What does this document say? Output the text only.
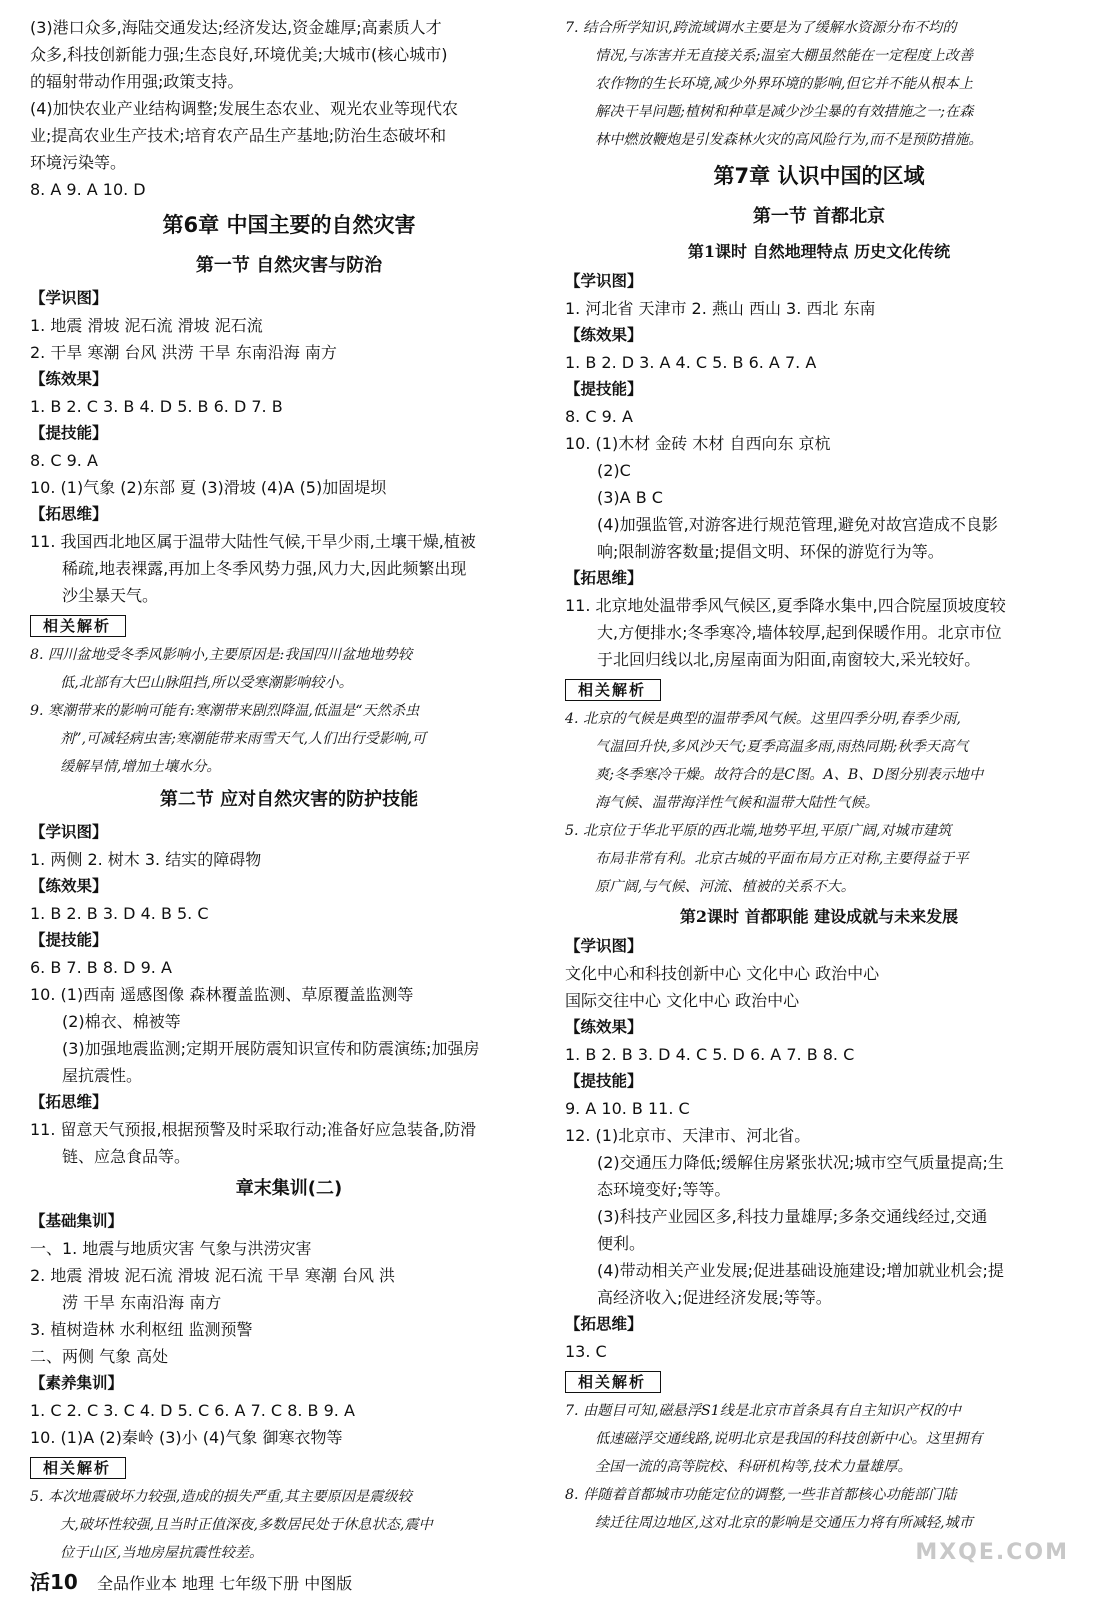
(3)港口众多,海陆交通发达;经济发达,资金雄厚;高素质人才

众多,科技创新能力强;生态良好,环境优美;大城市(核心城市)

的辐射带动作用强;政策支持。

(4)加快农业产业结构调整;发展生态农业、观光农业等现代农

业;提高农业生产技术;培育农产品生产基地;防治生态破坏和

环境污染等。

8. A 9. A 10. D

第6章 中国主要的自然灾害

第一节 自然灾害与防治

【学识图】

1. 地震 滑坡 泥石流 滑坡 泥石流

2. 干旱 寒潮 台风 洪涝 干旱 东南沿海 南方

【练效果】

1. B 2. C 3. B 4. D 5. B 6. D 7. B

【提技能】

8. C 9. A

10. (1)气象 (2)东部 夏 (3)滑坡 (4)A (5)加固堤坝

【拓思维】

11. 我国西北地区属于温带大陆性气候,干旱少雨,土壤干燥,植被

稀疏,地表裸露,再加上冬季风势力强,风力大,因此频繁出现

沙尘暴天气。

相关解析

8. 四川盆地受冬季风影响小,主要原因是:我国四川盆地地势较

低,北部有大巴山脉阻挡,所以受寒潮影响较小。

9. 寒潮带来的影响可能有:寒潮带来剧烈降温,低温是“天然杀虫

剂”,可减轻病虫害;寒潮能带来雨雪天气,人们出行受影响,可

缓解旱情,增加土壤水分。

第二节 应对自然灾害的防护技能

【学识图】

1. 两侧 2. 树木 3. 结实的障碍物

【练效果】

1. B 2. B 3. D 4. B 5. C

【提技能】

6. B 7. B 8. D 9. A

10. (1)西南 遥感图像 森林覆盖监测、草原覆盖监测等

(2)棉衣、棉被等

(3)加强地震监测;定期开展防震知识宣传和防震演练;加强房

屋抗震性。

【拓思维】

11. 留意天气预报,根据预警及时采取行动;准备好应急装备,防滑

链、应急食品等。

章末集训(二)

【基础集训】

一、1. 地震与地质灾害 气象与洪涝灾害

2. 地震 滑坡 泥石流 滑坡 泥石流 干旱 寒潮 台风 洪

涝 干旱 东南沿海 南方

3. 植树造林 水利枢纽 监测预警

二、两侧 气象 高处

【素养集训】

1. C 2. C 3. C 4. D 5. C 6. A 7. C 8. B 9. A

10. (1)A (2)秦岭 (3)小 (4)气象 御寒衣物等

相关解析

5. 本次地震破坏力较强,造成的损失严重,其主要原因是震级较

大,破坏性较强,且当时正值深夜,多数居民处于休息状态,震中

位于山区,当地房屋抗震性较差。

7. 结合所学知识,跨流域调水主要是为了缓解水资源分布不均的

情况,与冻害并无直接关系;温室大棚虽然能在一定程度上改善

农作物的生长环境,减少外界环境的影响,但它并不能从根本上

解决干旱问题;植树和种草是减少沙尘暴的有效措施之一;在森

林中燃放鞭炮是引发森林火灾的高风险行为,而不是预防措施。

第7章 认识中国的区域

第一节 首都北京

第1课时 自然地理特点 历史文化传统

【学识图】

1. 河北省 天津市 2. 燕山 西山 3. 西北 东南

【练效果】

1. B 2. D 3. A 4. C 5. B 6. A 7. A

【提技能】

8. C 9. A

10. (1)木材 金砖 木材 自西向东 京杭

(2)C

(3)A B C

(4)加强监管,对游客进行规范管理,避免对故宫造成不良影

响;限制游客数量;提倡文明、环保的游览行为等。

【拓思维】

11. 北京地处温带季风气候区,夏季降水集中,四合院屋顶坡度较

大,方便排水;冬季寒冷,墙体较厚,起到保暖作用。北京市位

于北回归线以北,房屋南面为阳面,南窗较大,采光较好。

相关解析

4. 北京的气候是典型的温带季风气候。这里四季分明,春季少雨,

气温回升快,多风沙天气;夏季高温多雨,雨热同期;秋季天高气

爽;冬季寒冷干燥。故符合的是C图。A、B、D图分别表示地中

海气候、温带海洋性气候和温带大陆性气候。

5. 北京位于华北平原的西北端,地势平坦,平原广阔,对城市建筑

布局非常有利。北京古城的平面布局方正对称,主要得益于平

原广阔,与气候、河流、植被的关系不大。

第2课时 首都职能 建设成就与未来发展

【学识图】

文化中心和科技创新中心 文化中心 政治中心

国际交往中心 文化中心 政治中心

【练效果】

1. B 2. B 3. D 4. C 5. D 6. A 7. B 8. C

【提技能】

9. A 10. B 11. C

12. (1)北京市、天津市、河北省。

(2)交通压力降低;缓解住房紧张状况;城市空气质量提高;生

态环境变好;等等。

(3)科技产业园区多,科技力量雄厚;多条交通线经过,交通

便利。

(4)带动相关产业发展;促进基础设施建设;增加就业机会;提

高经济收入;促进经济发展;等等。

【拓思维】

13. C

相关解析

7. 由题目可知,磁悬浮S1线是北京市首条具有自主知识产权的中

低速磁浮交通线路,说明北京是我国的科技创新中心。这里拥有

全国一流的高等院校、科研机构等,技术力量雄厚。

8. 伴随着首都城市功能定位的调整,一些非首都核心功能部门陆

续迁往周边地区,这对北京的影响是交通压力将有所减轻,城市

活10 全品作业本 地理 七年级下册 中图版
MXQE.COM
